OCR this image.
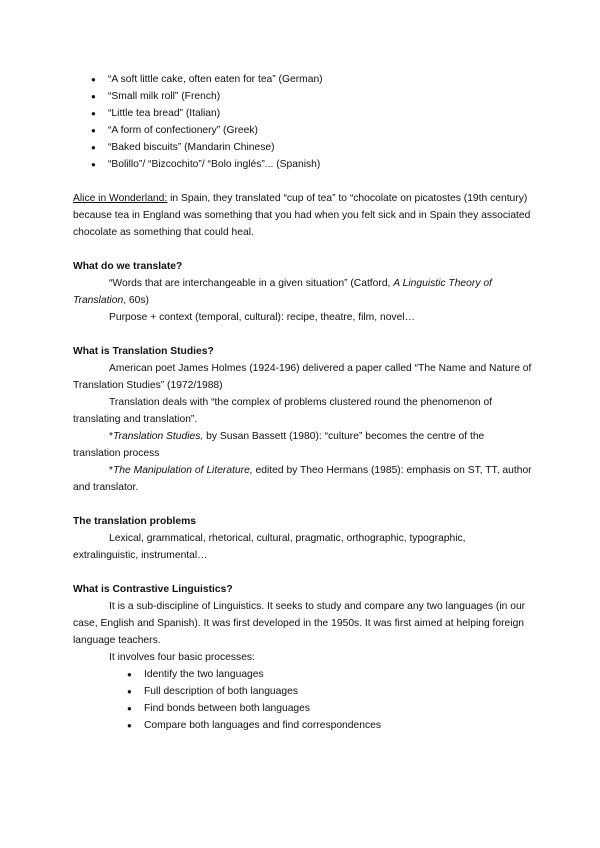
● “A soft little cake, often eaten for tea” (German)
● “Small milk roll” (French)
● “Little tea bread” (Italian)
● “A form of confectionery” (Greek)
● “Baked biscuits” (Mandarin Chinese)
● “Bolillo”/ “Bizcochito”/ “Bolo inglés”... (Spanish)

Alice in Wonderland: in Spain, they translated “cup of tea” to “chocolate on picatostes (19th century) because tea in England was something that you had when you felt sick and in Spain they associated chocolate as something that could heal.

What do we translate?

“Words that are interchangeable in a given situation” (Catford, A Linguistic Theory of Translation, 60s)

Purpose + context (temporal, cultural): recipe, theatre, film, novel…

What is Translation Studies?

American poet James Holmes (1924-196) delivered a paper called “The Name and Nature of Translation Studies” (1972/1988)

Translation deals with “the complex of problems clustered round the phenomenon of translating and translation”.

*Translation Studies, by Susan Bassett (1980): “culture” becomes the centre of the translation process

*The Manipulation of Literature, edited by Theo Hermans (1985): emphasis on ST, TT, author and translator.

The translation problems

Lexical, grammatical, rhetorical, cultural, pragmatic, orthographic, typographic, extralinguistic, instrumental…

What is Contrastive Linguistics?

It is a sub-discipline of Linguistics. It seeks to study and compare any two languages (in our case, English and Spanish). It was first developed in the 1950s. It was first aimed at helping foreign language teachers.

It involves four basic processes:

● Identify the two languages
● Full description of both languages
● Find bonds between both languages
● Compare both languages and find correspondences
